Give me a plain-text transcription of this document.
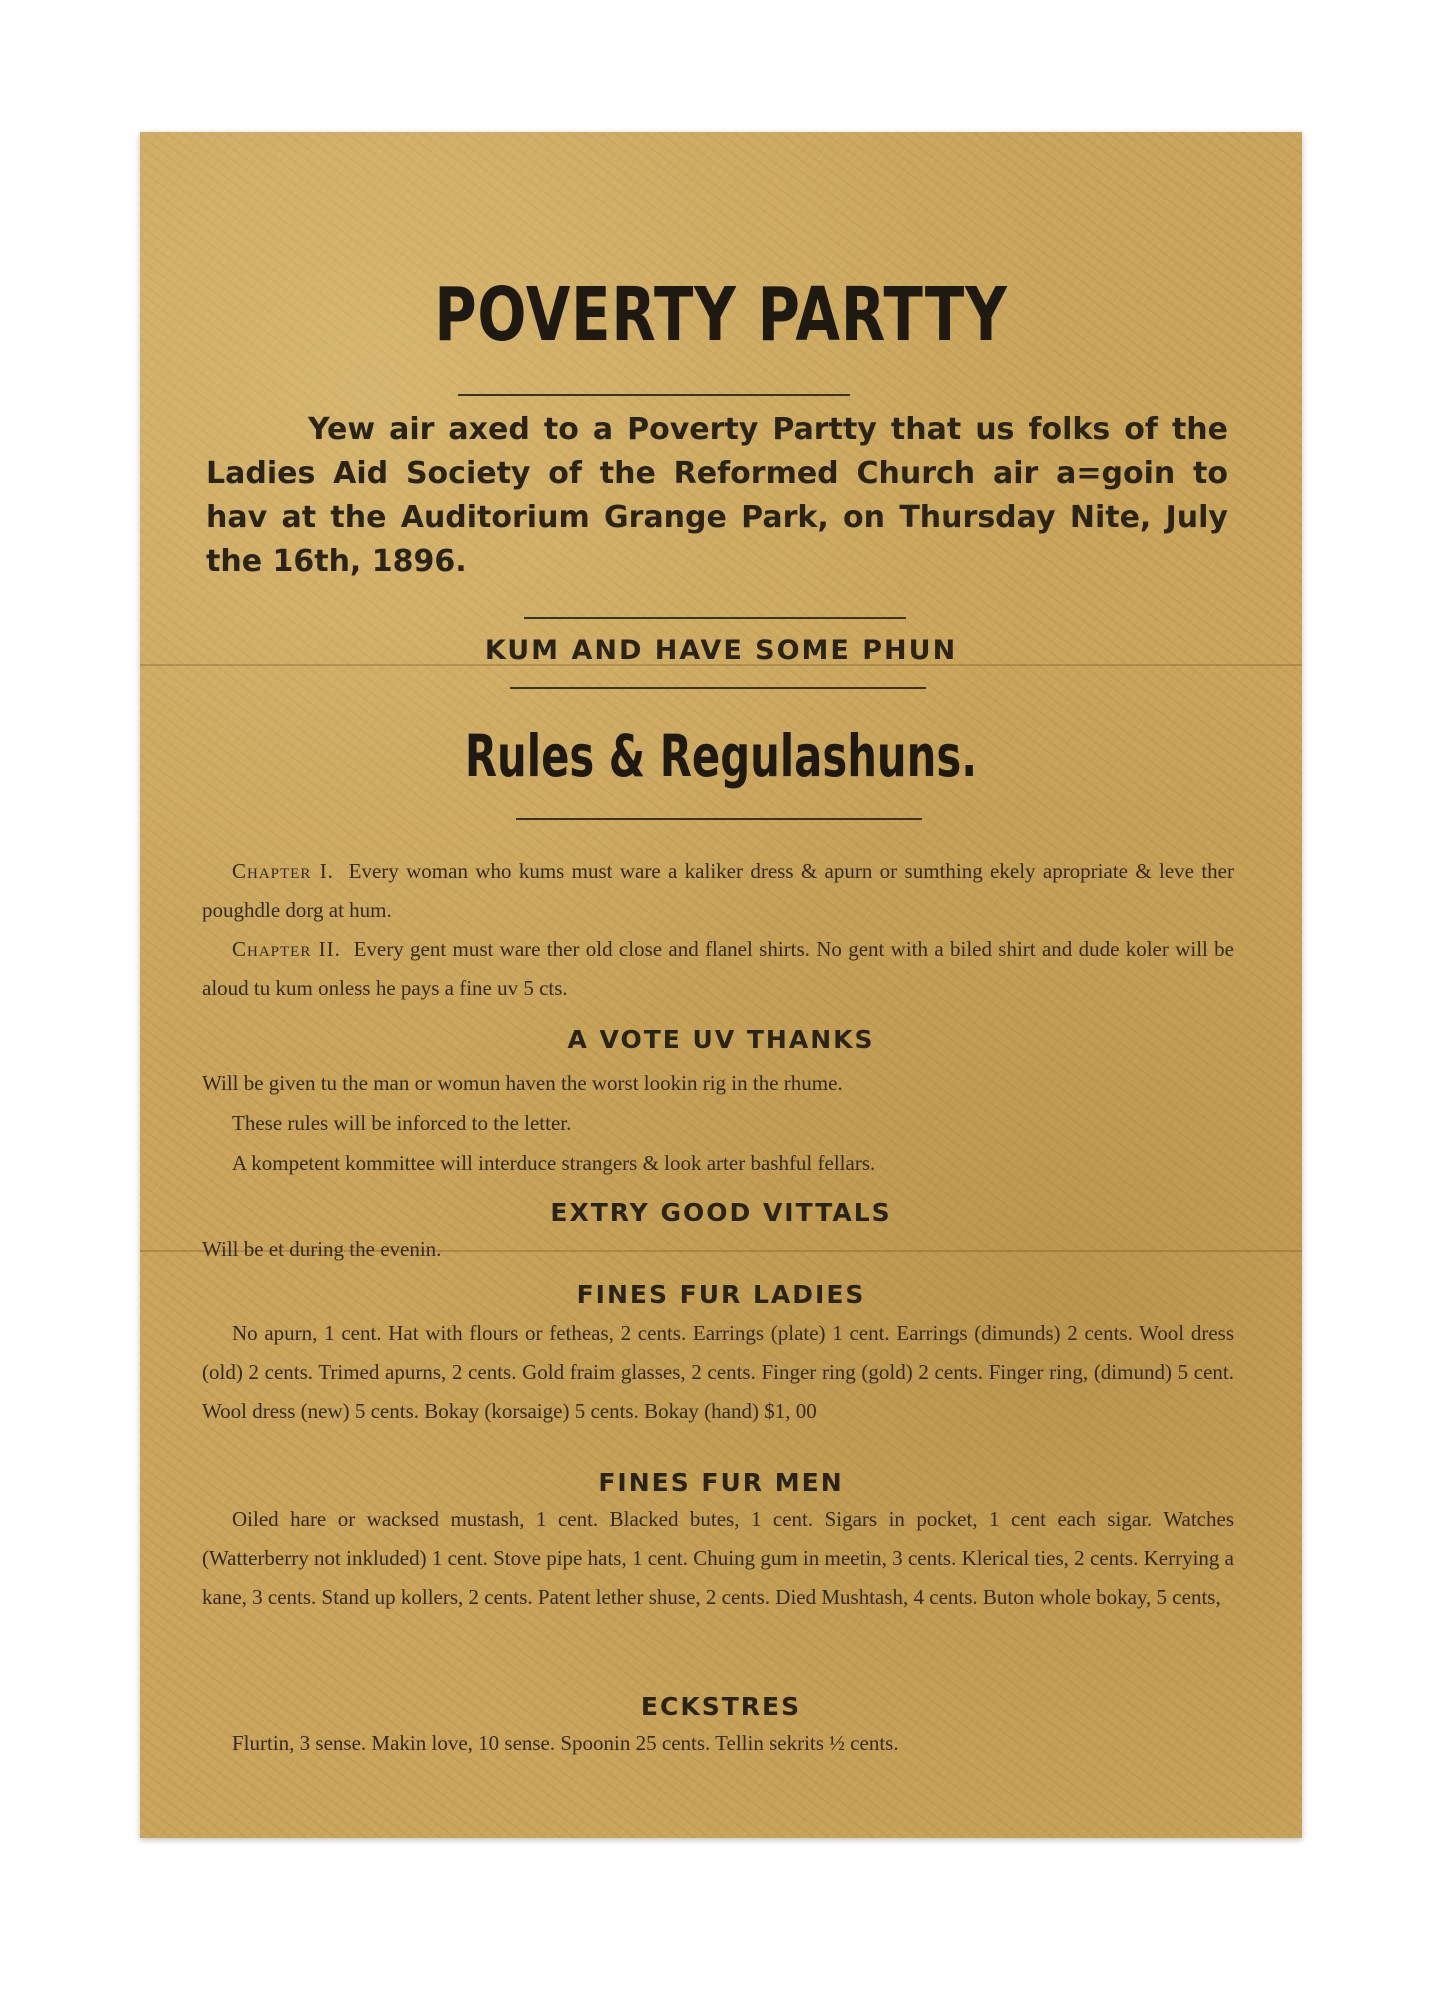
POVERTY PARTTY
Yew air axed to a Poverty Partty that us folks of the Ladies Aid Society of the Reformed Church air a=goin to hav at the Auditorium Grange Park, on Thursday Nite, July the 16th, 1896.
KUM AND HAVE SOME PHUN
Rules & Regulashuns.
Chapter I. Every woman who kums must ware a kaliker dress & apurn or sumthing ekely apropriate & leve ther poughdle dorg at hum.
Chapter II. Every gent must ware ther old close and flanel shirts. No gent with a biled shirt and dude koler will be aloud tu kum onless he pays a fine uv 5 cts.
A VOTE UV THANKS
Will be given tu the man or womun haven the worst lookin rig in the rhume.
These rules will be inforced to the letter.
A kompetent kommittee will interduce strangers & look arter bashful fellars.
EXTRY GOOD VITTALS
Will be et during the evenin.
FINES FUR LADIES
No apurn, 1 cent. Hat with flours or fetheas, 2 cents. Earrings (plate) 1 cent. Earrings (dimunds) 2 cents. Wool dress (old) 2 cents. Trimed apurns, 2 cents. Gold fraim glasses, 2 cents. Finger ring (gold) 2 cents. Finger ring, (dimund) 5 cent. Wool dress (new) 5 cents. Bokay (korsaige) 5 cents. Bokay (hand) $1, 00
FINES FUR MEN
Oiled hare or wacksed mustash, 1 cent. Blacked butes, 1 cent. Sigars in pocket, 1 cent each sigar. Watches (Watterberry not inkluded) 1 cent. Stove pipe hats, 1 cent. Chuing gum in meetin, 3 cents. Klerical ties, 2 cents. Kerrying a kane, 3 cents. Stand up kollers, 2 cents. Patent lether shuse, 2 cents. Died Mushtash, 4 cents. Buton whole bokay, 5 cents,
ECKSTRES
Flurtin, 3 sense. Makin love, 10 sense. Spoonin 25 cents. Tellin sekrits ½ cents.
